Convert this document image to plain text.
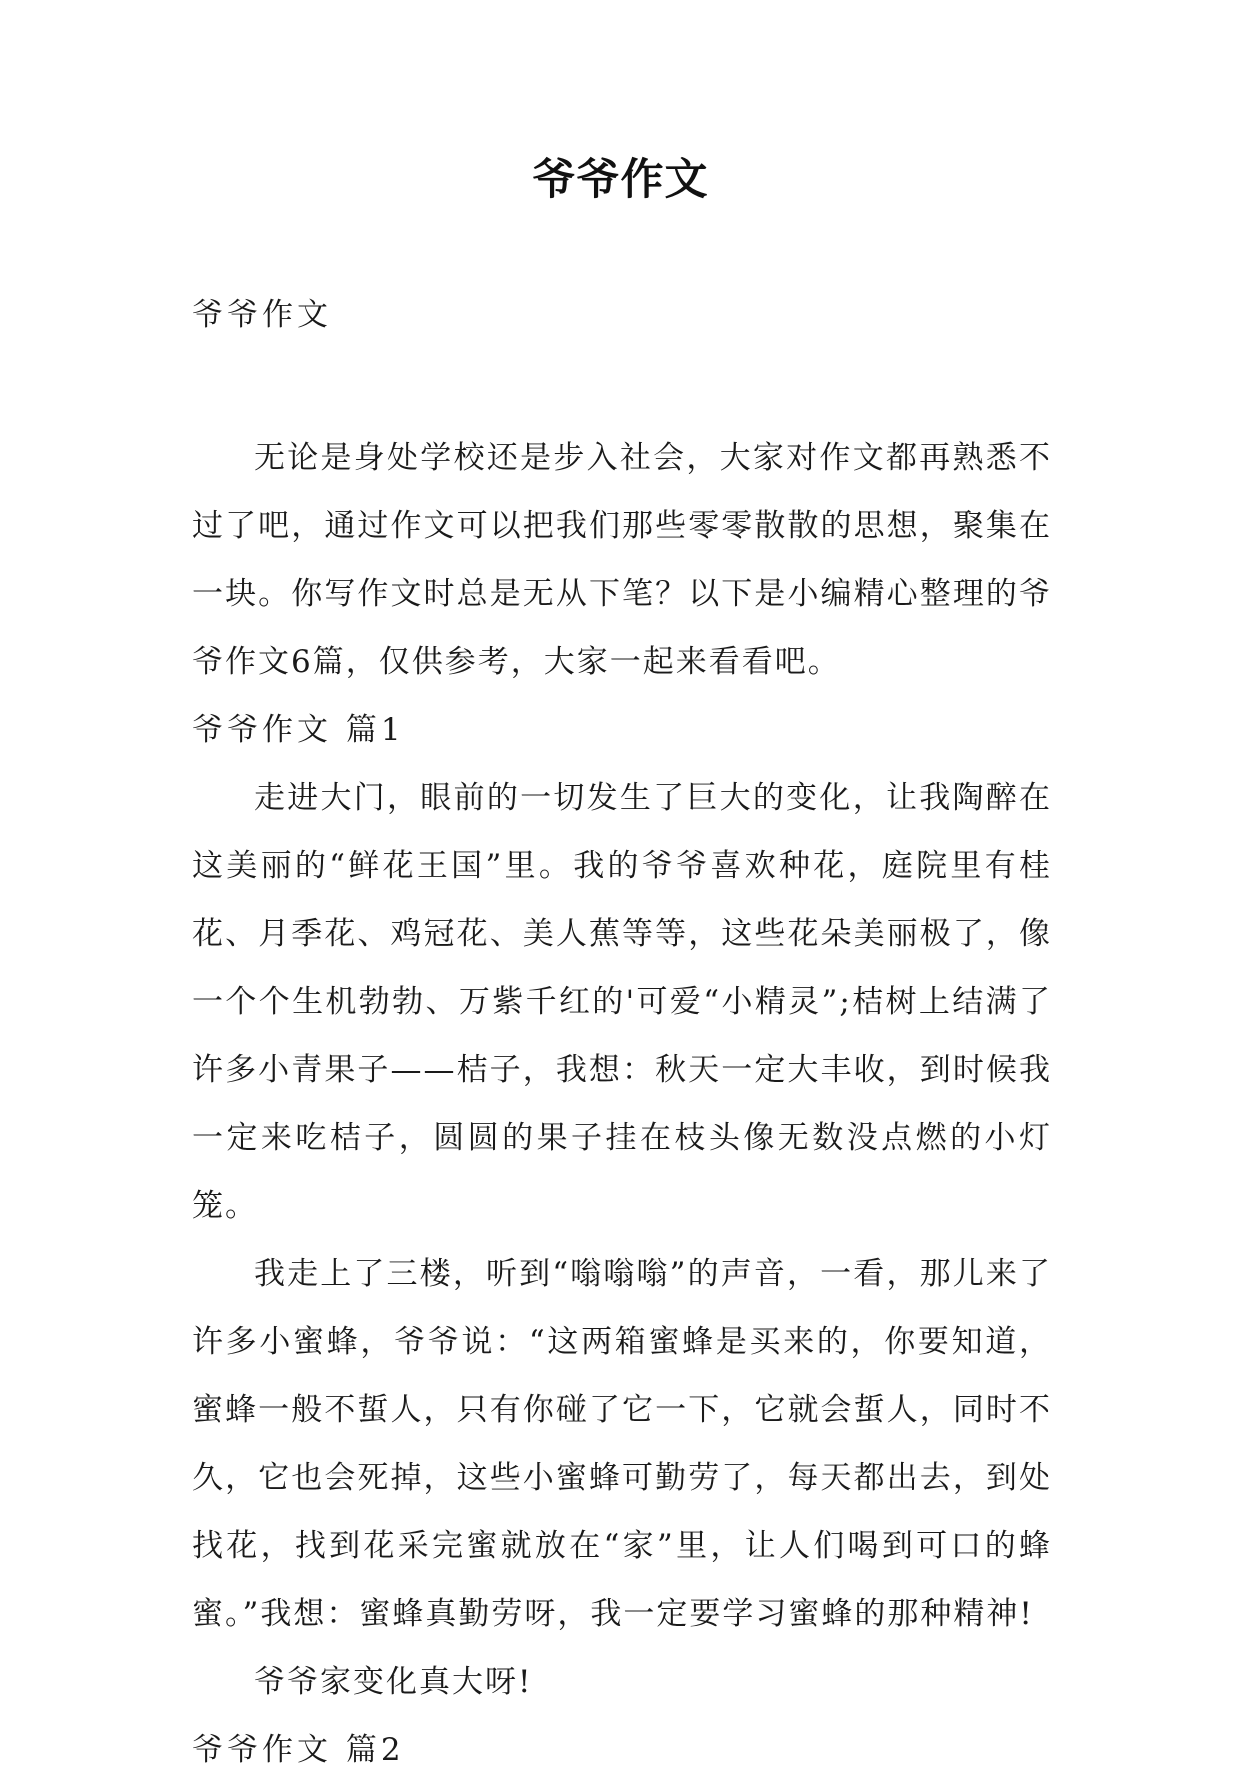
爷爷作文
爷爷作文

无论是身处学校还是步入社会，大家对作文都再熟悉不过了吧，通过作文可以把我们那些零零散散的思想，聚集在一块。你写作文时总是无从下笔？以下是小编精心整理的爷爷作文6篇，仅供参考，大家一起来看看吧。

爷爷作文 篇1

走进大门，眼前的一切发生了巨大的变化，让我陶醉在这美丽的“鲜花王国”里。我的爷爷喜欢种花，庭院里有桂花、月季花、鸡冠花、美人蕉等等，这些花朵美丽极了，像一个个生机勃勃、万紫千红的'可爱“小精灵”;桔树上结满了许多小青果子——桔子，我想：秋天一定大丰收，到时候我一定来吃桔子，圆圆的果子挂在枝头像无数没点燃的小灯笼。

我走上了三楼，听到“嗡嗡嗡”的声音，一看，那儿来了许多小蜜蜂，爷爷说：“这两箱蜜蜂是买来的，你要知道，蜜蜂一般不蜇人，只有你碰了它一下，它就会蜇人，同时不久，它也会死掉，这些小蜜蜂可勤劳了，每天都出去，到处找花，找到花采完蜜就放在“家”里，让人们喝到可口的蜂蜜。”我想：蜜蜂真勤劳呀，我一定要学习蜜蜂的那种精神!

爷爷家变化真大呀!

爷爷作文 篇2
